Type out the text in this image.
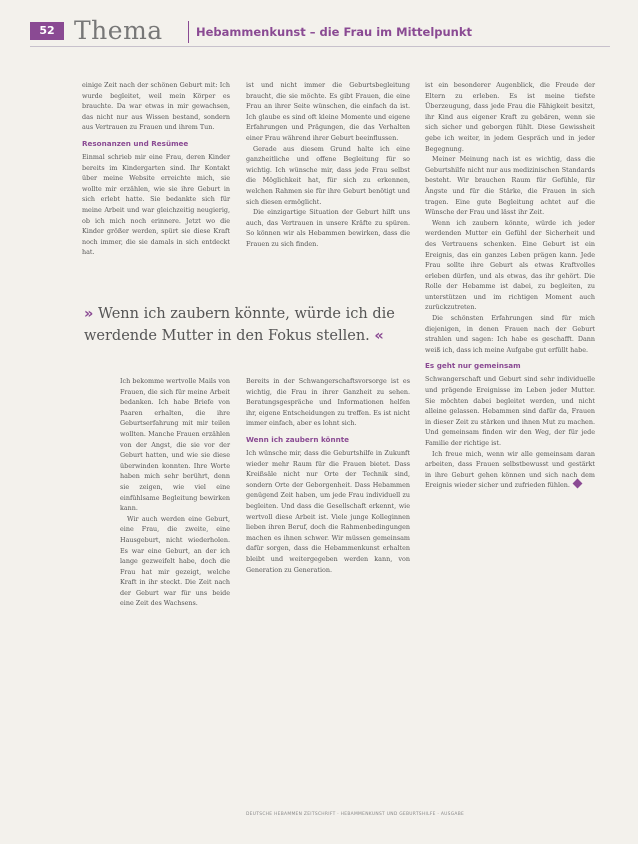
52 Thema	Hebammenkunst – die Frau im Mittelpunkt

einige Zeit nach der schönen Geburt mit: Ich wurde begleitet, weil mein Körper es brauchte. Da war etwas in mir gewachsen, das nicht nur aus Wissen bestand, sondern aus Vertrauen zu Frauen und ihrem Tun.

Resonanzen und Resümee

Einmal schrieb mir eine Frau, deren Kinder bereits im Kindergarten sind. Ihr Kontakt über meine Website erreichte mich, sie wollte mir erzählen, wie sie ihre Geburt in sich erlebt hatte. Sie bedankte sich für meine Arbeit und war gleichzeitig neugierig, ob ich mich noch erinnere. Jetzt wo die Kinder größer werden, spürt sie diese Kraft noch immer, die sie damals in sich entdeckt hat.

ist und nicht immer die Geburtsbegleitung braucht, die sie möchte. Es gibt Frauen, die eine Frau an ihrer Seite wünschen, die einfach da ist. Ich glaube es sind oft kleine Momente und eigene Erfahrungen und Prägungen, die das Verhalten einer Frau während ihrer Geburt beeinflussen.

Gerade aus diesem Grund halte ich eine ganzheitliche und offene Begleitung für so wichtig. Ich wünsche mir, dass jede Frau selbst die Möglichkeit hat, für sich zu erkennen, welchen Rahmen sie für ihre Geburt benötigt und sich diesen ermöglicht.

Die einzigartige Situation der Geburt hilft uns auch, das Vertrauen in unsere Kräfte zu spüren. So können wir als Hebammen bewirken, dass die Frauen zu sich finden.

ist ein besonderer Augenblick, die Freude der Eltern zu erleben. Es ist meine tiefste Überzeugung, dass jede Frau die Fähigkeit besitzt, ihr Kind aus eigener Kraft zu gebären, wenn sie sich sicher und geborgen fühlt. Diese Gewissheit gebe ich weiter, in jedem Gespräch und in jeder Begegnung.

Meiner Meinung nach ist es wichtig, dass die Geburtshilfe nicht nur aus medizinischen Standards besteht. Wir brauchen Raum für Gefühle, für Ängste und für die Stärke, die Frauen in sich tragen. Eine gute Begleitung achtet auf die Wünsche der Frau und lässt ihr Zeit.

Wenn ich zaubern könnte, würde ich jeder werdenden Mutter ein Gefühl der Sicherheit und des Vertrauens schenken. Eine Geburt ist ein Ereignis, das ein ganzes Leben prägen kann. Jede Frau sollte ihre Geburt als etwas Kraftvolles erleben dürfen, und als etwas, das ihr gehört. Die Rolle der Hebamme ist dabei, zu begleiten, zu unterstützen und im richtigen Moment auch zurückzutreten.

Die schönsten Erfahrungen sind für mich diejenigen, in denen Frauen nach der Geburt strahlen und sagen: Ich habe es geschafft. Dann weiß ich, dass ich meine Aufgabe gut erfüllt habe.

Es geht nur gemeinsam

Schwangerschaft und Geburt sind sehr individuelle und prägende Ereignisse im Leben jeder Mutter. Sie möchten dabei begleitet werden, und nicht alleine gelassen. Hebammen sind dafür da, Frauen in dieser Zeit zu stärken und ihnen Mut zu machen. Und gemeinsam finden wir den Weg, der für jede Familie der richtige ist.

Ich freue mich, wenn wir alle gemeinsam daran arbeiten, dass Frauen selbstbewusst und gestärkt in ihre Geburt gehen können und sich nach dem Ereignis wieder sicher und zufrieden fühlen.

» Wenn ich zaubern könnte, würde ich die werdende Mutter in den Fokus stellen. «

Ich bekomme wertvolle Mails von Frauen, die sich für meine Arbeit bedanken. Ich habe Briefe von Paaren erhalten, die ihre Geburtserfahrung mit mir teilen wollten. Manche Frauen erzählen von der Angst, die sie vor der Geburt hatten, und wie sie diese überwinden konnten. Ihre Worte haben mich sehr berührt, denn sie zeigen, wie viel eine einfühlsame Begleitung bewirken kann.

Wir auch werden eine Geburt, eine Frau, die zweite, eine Hausgeburt, nicht wiederholen. Es war eine Geburt, an der ich lange gezweifelt habe, doch die Frau hat mir gezeigt, welche Kraft in ihr steckt. Die Zeit nach der Geburt war für uns beide eine Zeit des Wachsens.

Bereits in der Schwangerschaftsvorsorge ist es wichtig, die Frau in ihrer Ganzheit zu sehen. Beratungsgespräche und Informationen helfen ihr, eigene Entscheidungen zu treffen. Es ist nicht immer einfach, aber es lohnt sich.

Wenn ich zaubern könnte

Ich wünsche mir, dass die Geburtshilfe in Zukunft wieder mehr Raum für die Frauen bietet. Dass Kreißsäle nicht nur Orte der Technik sind, sondern Orte der Geborgenheit. Dass Hebammen genügend Zeit haben, um jede Frau individuell zu begleiten. Und dass die Gesellschaft erkennt, wie wertvoll diese Arbeit ist. Viele junge Kolleginnen lieben ihren Beruf, doch die Rahmenbedingungen machen es ihnen schwer. Wir müssen gemeinsam dafür sorgen, dass die Hebammenkunst erhalten bleibt und weitergegeben werden kann, von Generation zu Generation.

DEUTSCHE HEBAMMEN ZEITSCHRIFT · HEBAMMENKUNST UND GEBURTSHILFE · AUSGABE
